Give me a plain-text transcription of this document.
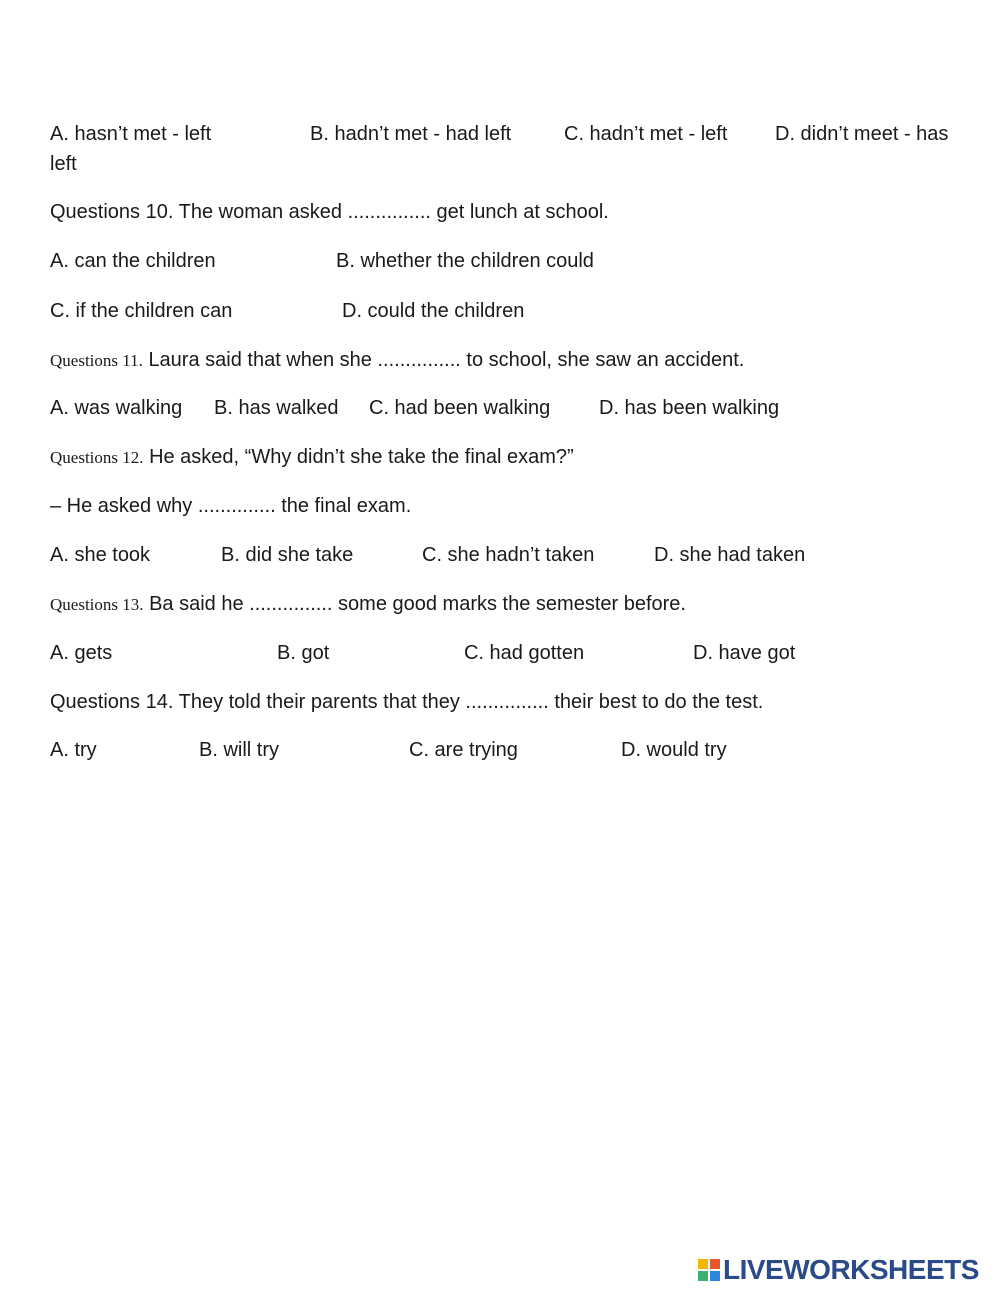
A. hasn’t met - left	B. hadn’t met - had left	C. hadn’t met - left D. didn’t meet - has
left

Questions 10. The woman asked ............... get lunch at school.

A. can the children	B. whether the children could
C. if the children can	D. could the children

Questions 11. Laura said that when she ............... to school, she saw an accident.

A. was walking B. has walked C. had been walking D. has been walking

Questions 12. He asked, “Why didn’t she take the final exam?”

– He asked why .............. the final exam.

A. she took	B. did she take	C. she hadn’t taken	D. she had taken

Questions 13. Ba said he ............... some good marks the semester before.

A. gets	B. got	C. had gotten	D. have got

Questions 14. They told their parents that they ............... their best to do the test.

A. try	B. will try	C. are trying	D. would try
LIVEWORKSHEETS
